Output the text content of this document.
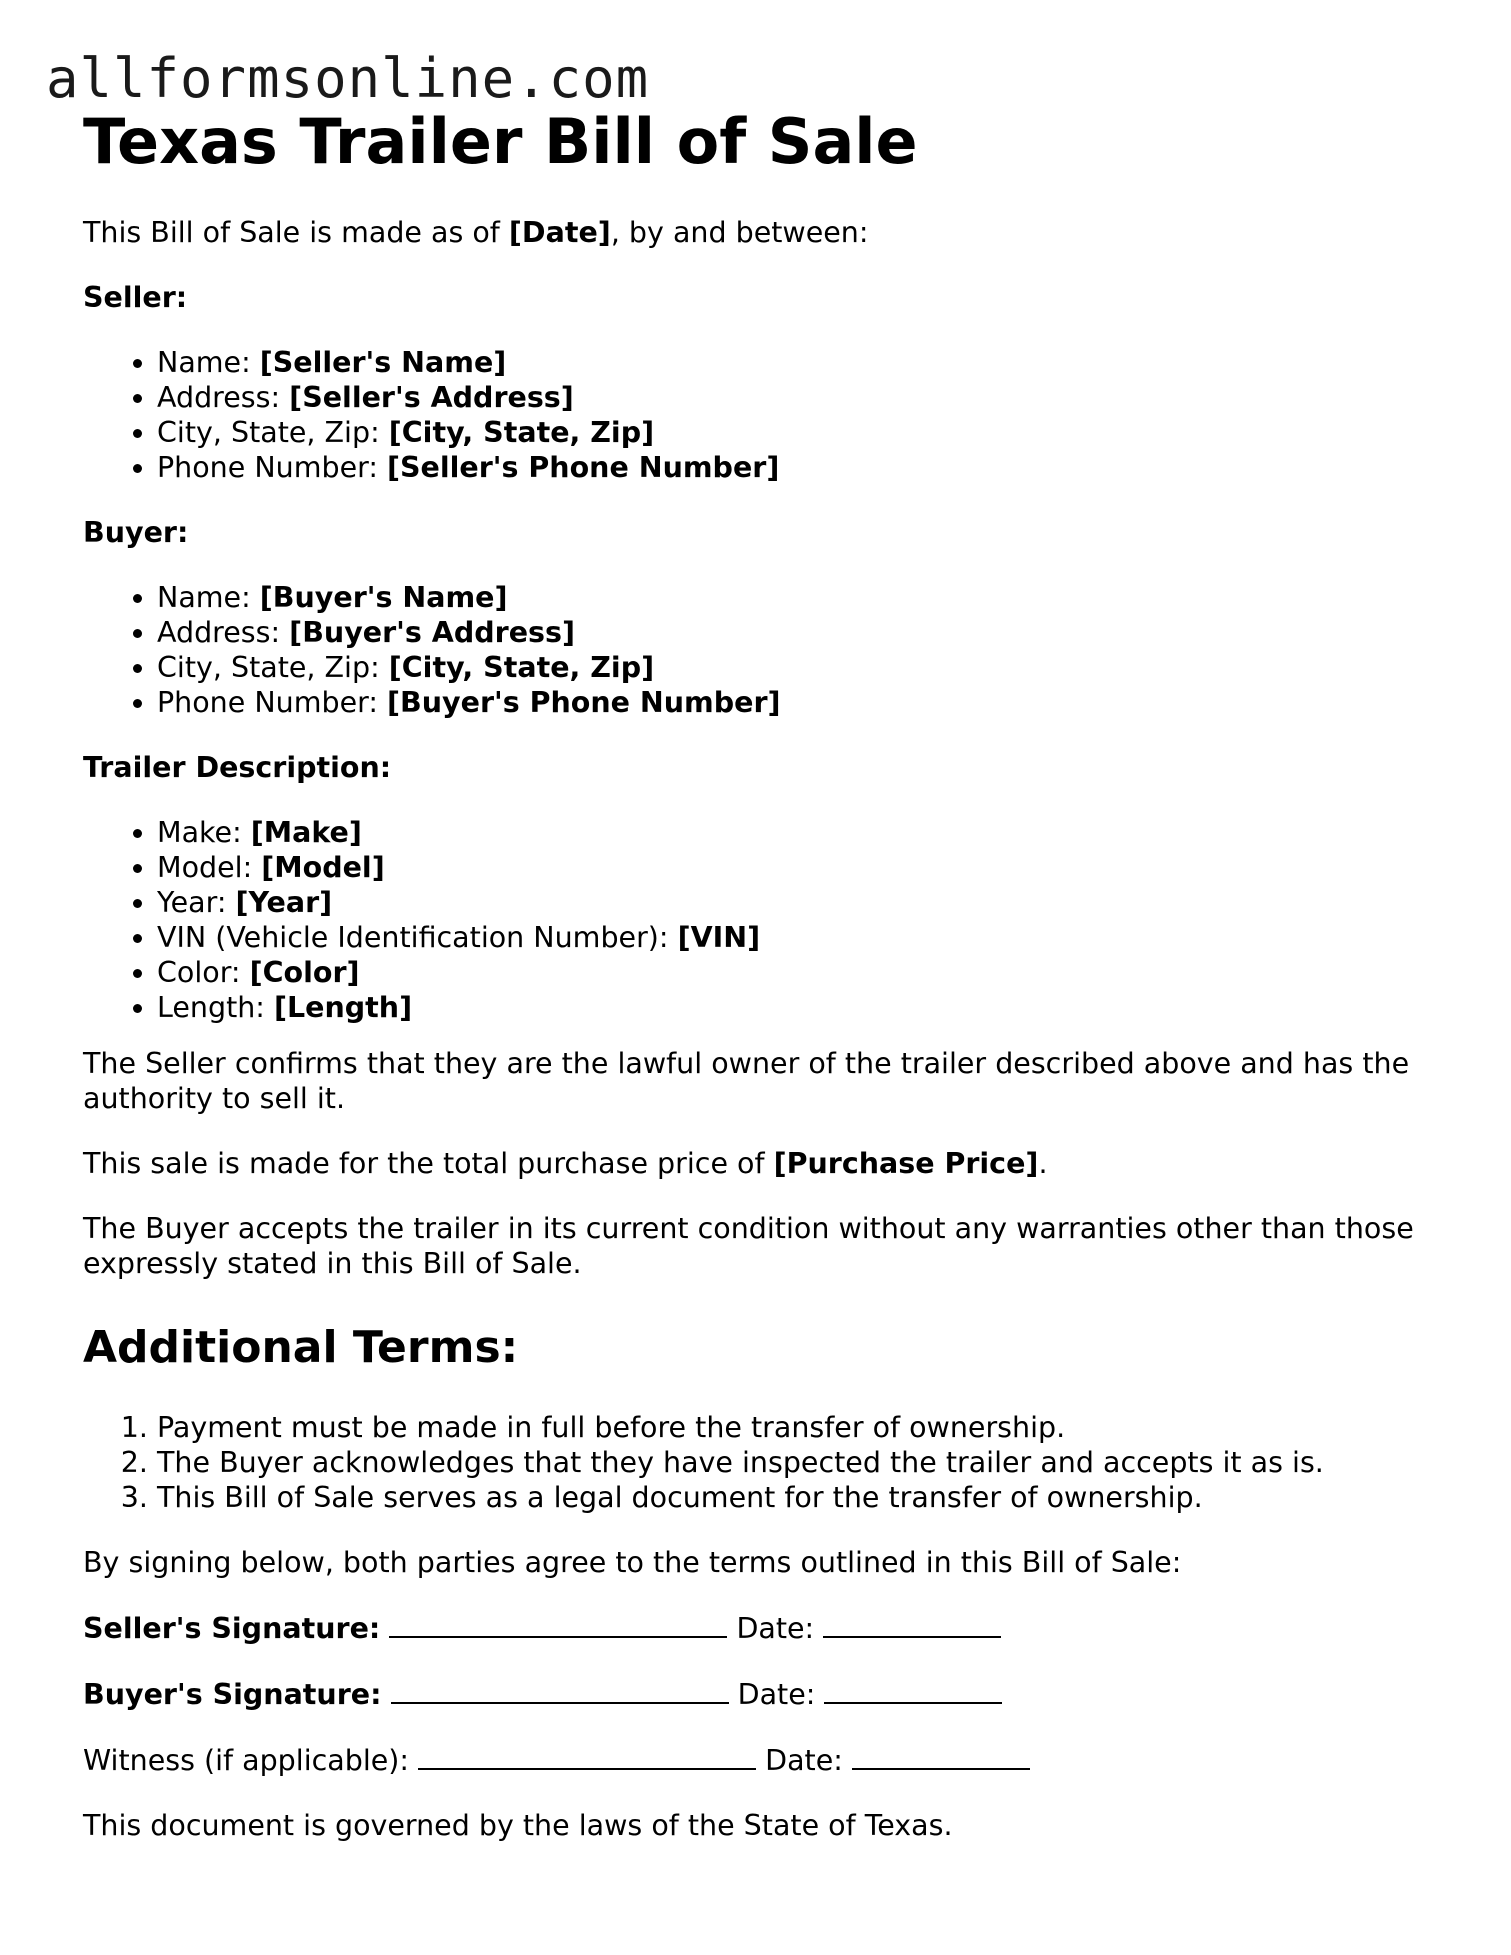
allformsonline.com
Texas Trailer Bill of Sale

This Bill of Sale is made as of [Date], by and between:

Seller:

• Name: [Seller's Name]
• Address: [Seller's Address]
• City, State, Zip: [City, State, Zip]
• Phone Number: [Seller's Phone Number]

Buyer:

• Name: [Buyer's Name]
• Address: [Buyer's Address]
• City, State, Zip: [City, State, Zip]
• Phone Number: [Buyer's Phone Number]

Trailer Description:

• Make: [Make]
• Model: [Model]
• Year: [Year]
• VIN (Vehicle Identification Number): [VIN]
• Color: [Color]
• Length: [Length]

The Seller confirms that they are the lawful owner of the trailer described above and has the authority to sell it.

This sale is made for the total purchase price of [Purchase Price].

The Buyer accepts the trailer in its current condition without any warranties other than those expressly stated in this Bill of Sale.

Additional Terms:
1. Payment must be made in full before the transfer of ownership.
2. The Buyer acknowledges that they have inspected the trailer and accepts it as is.
3. This Bill of Sale serves as a legal document for the transfer of ownership.

By signing below, both parties agree to the terms outlined in this Bill of Sale:

Seller's Signature:	Date:

Buyer's Signature:	Date:

Witness (if applicable):	Date:

This document is governed by the laws of the State of Texas.
